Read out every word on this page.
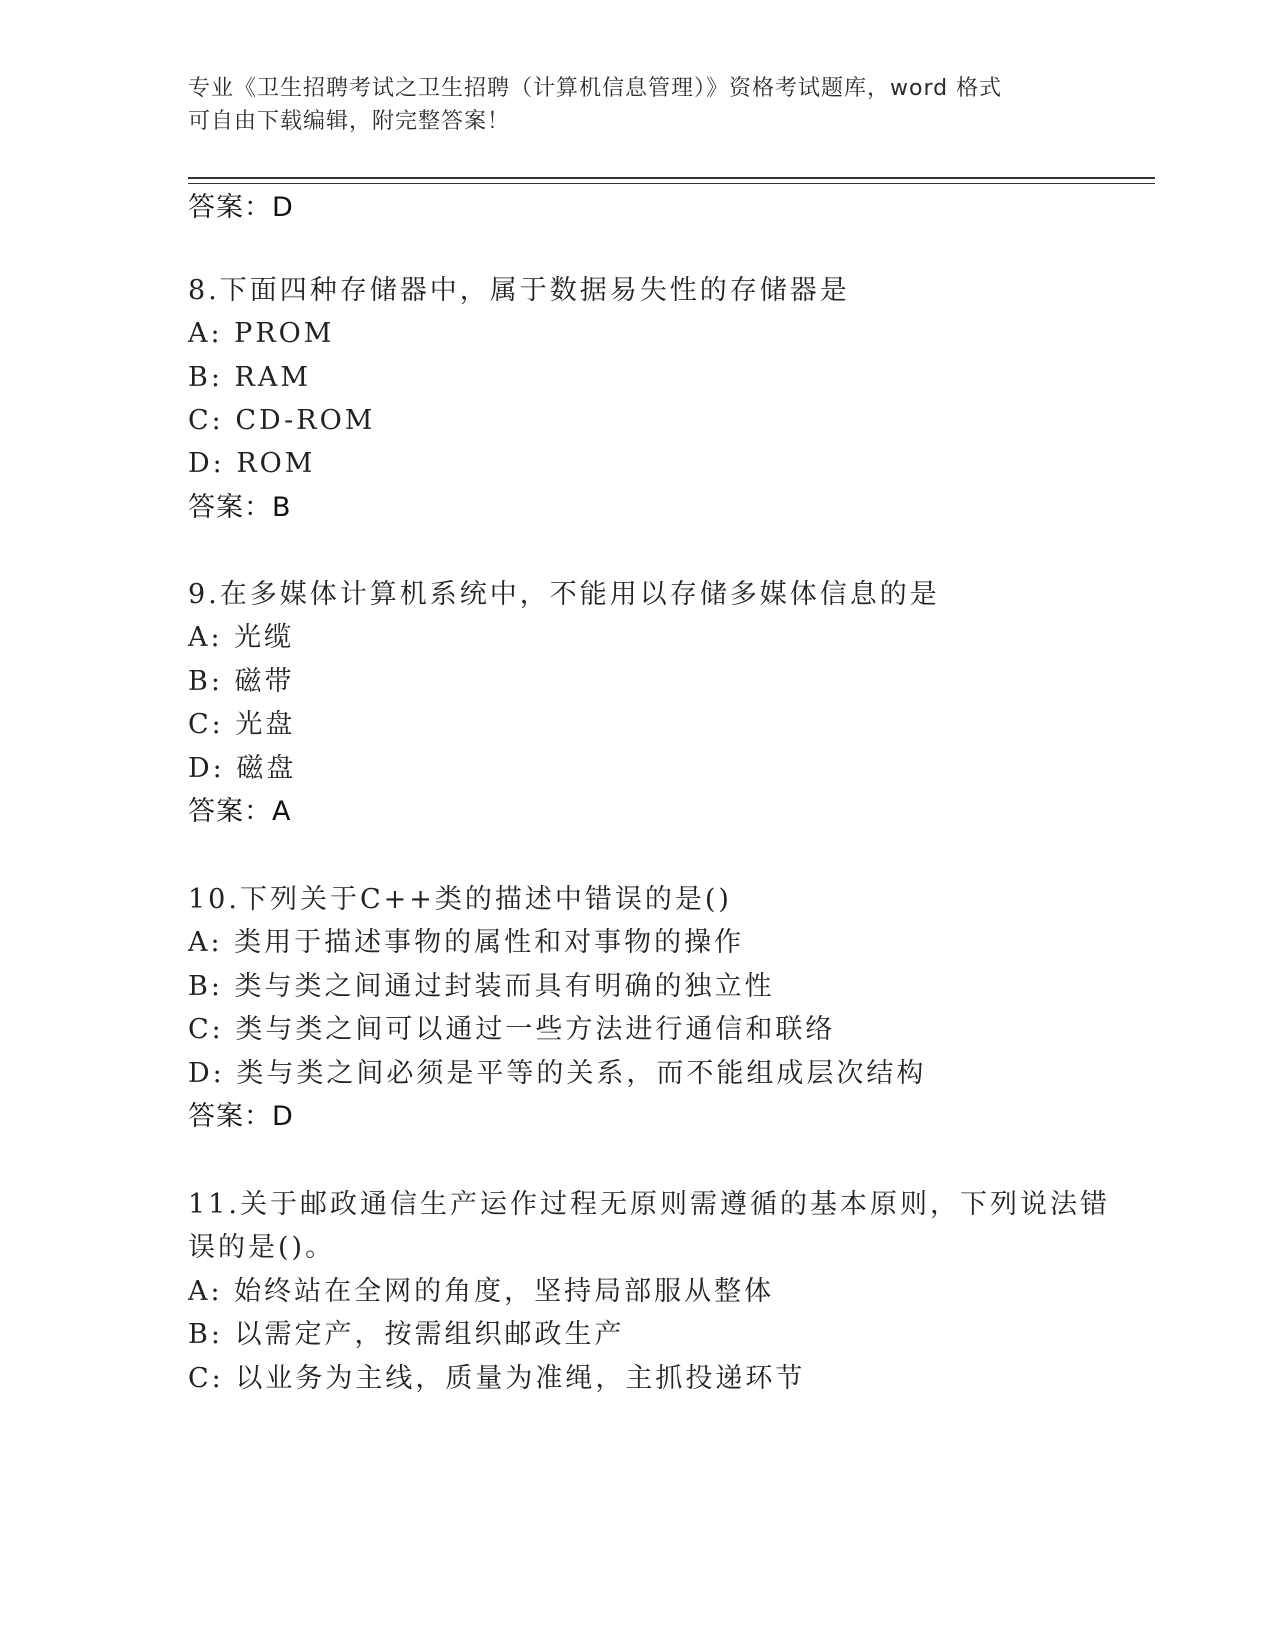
专业《卫生招聘考试之卫生招聘（计算机信息管理）》资格考试题库，word 格式
可自由下载编辑，附完整答案！
答案：D
8.下面四种存储器中，属于数据易失性的存储器是
A: PROM
B: RAM
C: CD-ROM
D: ROM
答案：B
9.在多媒体计算机系统中，不能用以存储多媒体信息的是
A: 光缆
B: 磁带
C: 光盘
D: 磁盘
答案：A
10.下列关于C++类的描述中错误的是()
A: 类用于描述事物的属性和对事物的操作
B: 类与类之间通过封装而具有明确的独立性
C: 类与类之间可以通过一些方法进行通信和联络
D: 类与类之间必须是平等的关系，而不能组成层次结构
答案：D
11.关于邮政通信生产运作过程无原则需遵循的基本原则，下列说法错
误的是()。
A: 始终站在全网的角度，坚持局部服从整体
B: 以需定产，按需组织邮政生产
C: 以业务为主线，质量为准绳，主抓投递环节
